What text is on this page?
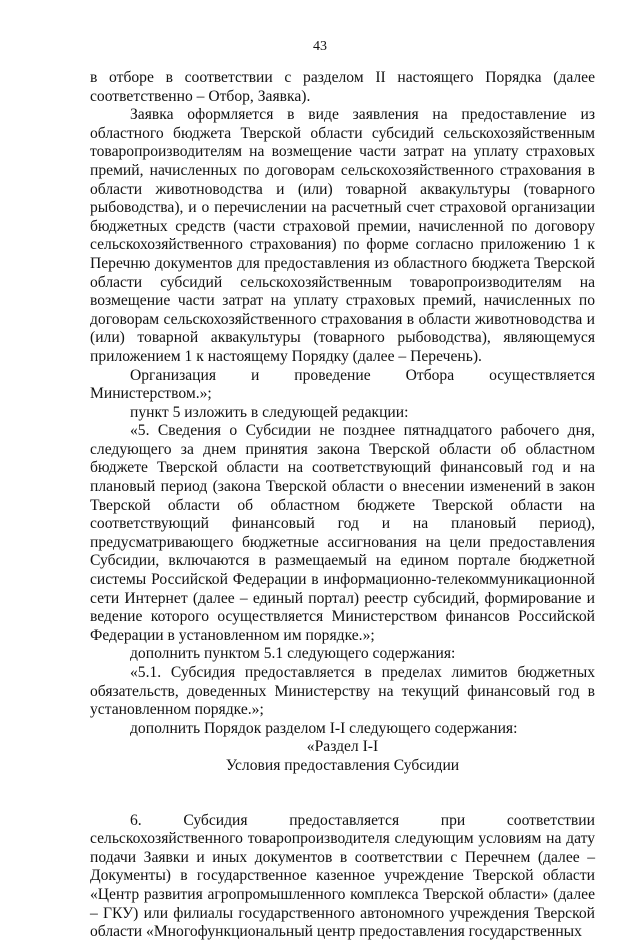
43

в отборе в соответствии с разделом II настоящего Порядка (далее соответственно – Отбор, Заявка).

Заявка оформляется в виде заявления на предоставление из областного бюджета Тверской области субсидий сельскохозяйственным товаропроизводителям на возмещение части затрат на уплату страховых премий, начисленных по договорам сельскохозяйственного страхования в области животноводства и (или) товарной аквакультуры (товарного рыбоводства), и о перечислении на расчетный счет страховой организации бюджетных средств (части страховой премии, начисленной по договору сельскохозяйственного страхования) по форме согласно приложению 1 к Перечню документов для предоставления из областного бюджета Тверской области субсидий сельскохозяйственным товаропроизводителям на возмещение части затрат на уплату страховых премий, начисленных по договорам сельскохозяйственного страхования в области животноводства и (или) товарной аквакультуры (товарного рыбоводства), являющемуся приложением 1 к настоящему Порядку (далее – Перечень).

Организация и проведение Отбора осуществляется Министерством.»;

пункт 5 изложить в следующей редакции:

«5. Сведения о Субсидии не позднее пятнадцатого рабочего дня, следующего за днем принятия закона Тверской области об областном бюджете Тверской области на соответствующий финансовый год и на плановый период (закона Тверской области о внесении изменений в закон Тверской области об областном бюджете Тверской области на соответствующий финансовый год и на плановый период), предусматривающего бюджетные ассигнования на цели предоставления Субсидии, включаются в размещаемый на едином портале бюджетной системы Российской Федерации в информационно-телекоммуникационной сети Интернет (далее – единый портал) реестр субсидий, формирование и ведение которого осуществляется Министерством финансов Российской Федерации в установленном им порядке.»;

дополнить пунктом 5.1 следующего содержания:

«5.1. Субсидия предоставляется в пределах лимитов бюджетных обязательств, доведенных Министерству на текущий финансовый год в установленном порядке.»;

дополнить Порядок разделом I-I следующего содержания:

«Раздел I-I

Условия предоставления Субсидии

6. Субсидия предоставляется при соответствии сельскохозяйственного товаропроизводителя следующим условиям на дату подачи Заявки и иных документов в соответствии с Перечнем (далее – Документы) в государственное казенное учреждение Тверской области «Центр развития агропромышленного комплекса Тверской области» (далее – ГКУ) или филиалы государственного автономного учреждения Тверской области «Многофункциональный центр предоставления государственных
